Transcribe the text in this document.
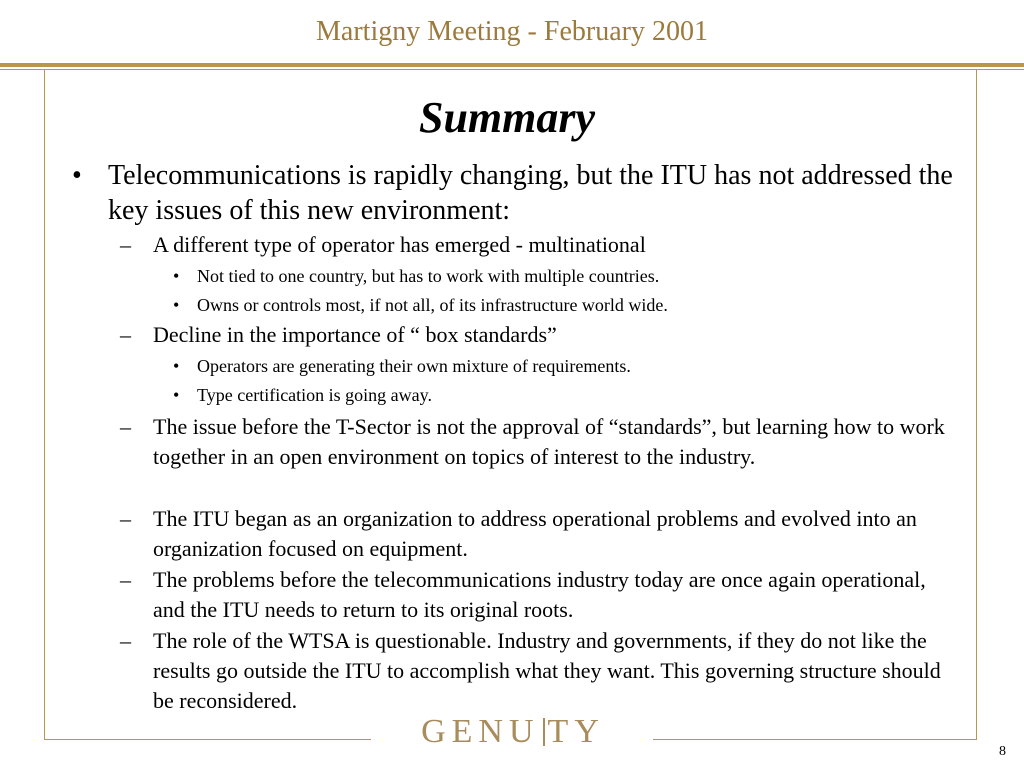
Martigny Meeting - February 2001
Summary
• Telecommunications is rapidly changing, but the ITU has not addressed the key issues of this new environment:
– A different type of operator has emerged - multinational
• Not tied to one country, but has to work with multiple countries.
• Owns or controls most, if not all, of its infrastructure world wide.
– Decline in the importance of “ box standards”
• Operators are generating their own mixture of requirements.
• Type certification is going away.
– The issue before the T-Sector is not the approval of “standards”, but learning how to work together in an open environment on topics of interest to the industry.
– The ITU began as an organization to address operational problems and evolved into an organization focused on equipment.
– The problems before the telecommunications industry today are once again operational, and the ITU needs to return to its original roots.
– The role of the WTSA is questionable. Industry and governments, if they do not like the results go outside the ITU to accomplish what they want. This governing structure should be reconsidered.
GENU TY
8
